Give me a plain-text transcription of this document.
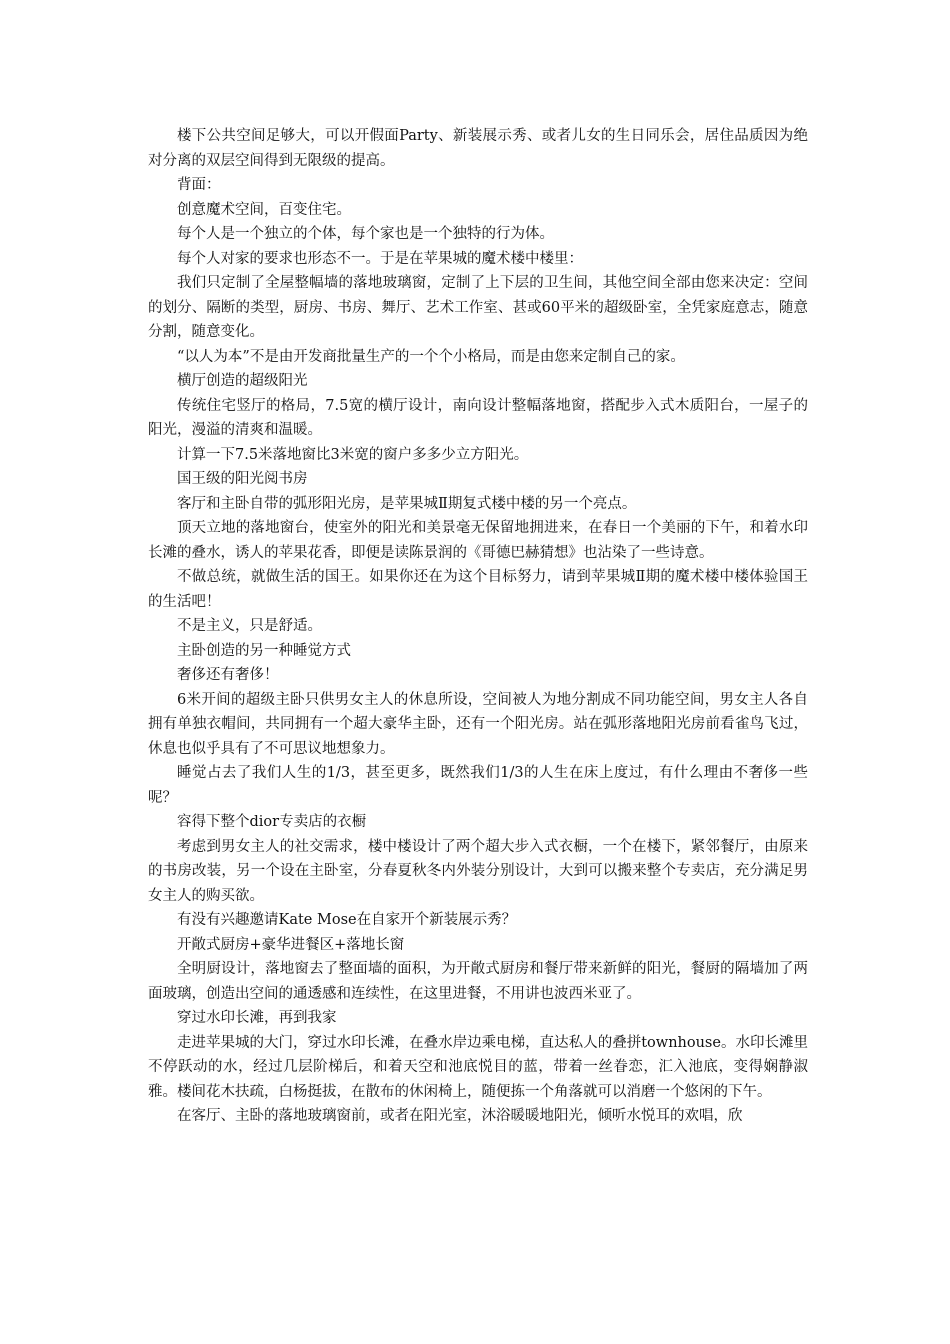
楼下公共空间足够大，可以开假面Party、新装展示秀、或者儿女的生日同乐会，居住品质因为绝对分离的双层空间得到无限级的提高。

背面：

创意魔术空间，百变住宅。

每个人是一个独立的个体，每个家也是一个独特的行为体。

每个人对家的要求也形态不一。于是在苹果城的魔术楼中楼里：

我们只定制了全屋整幅墙的落地玻璃窗，定制了上下层的卫生间，其他空间全部由您来决定：空间的划分、隔断的类型，厨房、书房、舞厅、艺术工作室、甚或60平米的超级卧室，全凭家庭意志，随意分割，随意变化。

“以人为本”不是由开发商批量生产的一个个小格局，而是由您来定制自己的家。

横厅创造的超级阳光

传统住宅竖厅的格局，7.5宽的横厅设计，南向设计整幅落地窗，搭配步入式木质阳台，一屋子的阳光，漫溢的清爽和温暖。

计算一下7.5米落地窗比3米宽的窗户多多少立方阳光。

国王级的阳光阅书房

客厅和主卧自带的弧形阳光房，是苹果城Ⅱ期复式楼中楼的另一个亮点。

顶天立地的落地窗台，使室外的阳光和美景毫无保留地拥进来，在春日一个美丽的下午，和着水印长滩的叠水，诱人的苹果花香，即便是读陈景润的《哥德巴赫猜想》也沾染了一些诗意。

不做总统，就做生活的国王。如果你还在为这个目标努力，请到苹果城Ⅱ期的魔术楼中楼体验国王的生活吧！

不是主义，只是舒适。

主卧创造的另一种睡觉方式

奢侈还有奢侈！

6米开间的超级主卧只供男女主人的休息所设，空间被人为地分割成不同功能空间，男女主人各自拥有单独衣帽间，共同拥有一个超大豪华主卧，还有一个阳光房。站在弧形落地阳光房前看雀鸟飞过，休息也似乎具有了不可思议地想象力。

睡觉占去了我们人生的1/3，甚至更多，既然我们1/3的人生在床上度过，有什么理由不奢侈一些呢？

容得下整个dior专卖店的衣橱

考虑到男女主人的社交需求，楼中楼设计了两个超大步入式衣橱，一个在楼下，紧邻餐厅，由原来的书房改装，另一个设在主卧室，分春夏秋冬内外装分别设计，大到可以搬来整个专卖店，充分满足男女主人的购买欲。

有没有兴趣邀请Kate Mose在自家开个新装展示秀？

开敞式厨房+豪华进餐区+落地长窗

全明厨设计，落地窗去了整面墙的面积，为开敞式厨房和餐厅带来新鲜的阳光，餐厨的隔墙加了两面玻璃，创造出空间的通透感和连续性，在这里进餐，不用讲也波西米亚了。

穿过水印长滩，再到我家

走进苹果城的大门，穿过水印长滩，在叠水岸边乘电梯，直达私人的叠拼townhouse。水印长滩里不停跃动的水，经过几层阶梯后，和着天空和池底悦目的蓝，带着一丝眷恋，汇入池底，变得娴静淑雅。楼间花木扶疏，白杨挺拔，在散布的休闲椅上，随便拣一个角落就可以消磨一个悠闲的下午。

在客厅、主卧的落地玻璃窗前，或者在阳光室，沐浴暖暖地阳光，倾听水悦耳的欢唱，欣
